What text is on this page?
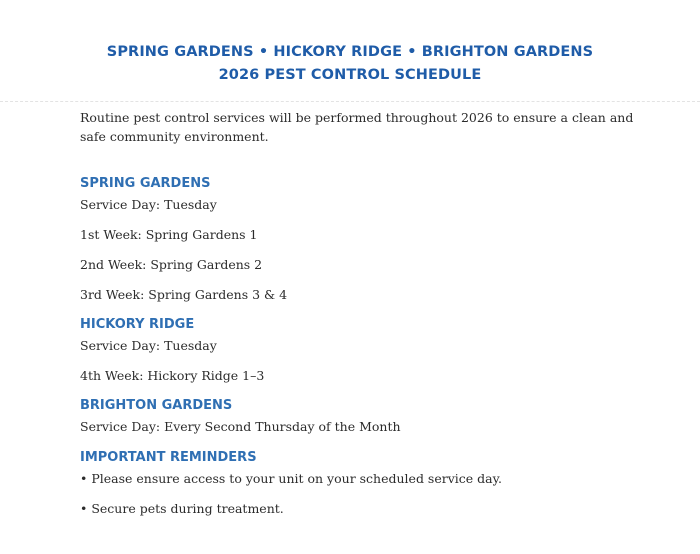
SPRING GARDENS • HICKORY RIDGE • BRIGHTON GARDENS

2026 PEST CONTROL SCHEDULE

Routine pest control services will be performed throughout 2026 to ensure a clean and safe community environment.

SPRING GARDENS

Service Day: Tuesday

1st Week: Spring Gardens 1

2nd Week: Spring Gardens 2

3rd Week: Spring Gardens 3 & 4

HICKORY RIDGE

Service Day: Tuesday

4th Week: Hickory Ridge 1–3

BRIGHTON GARDENS

Service Day: Every Second Thursday of the Month

IMPORTANT REMINDERS

• Please ensure access to your unit on your scheduled service day.

• Secure pets during treatment.
